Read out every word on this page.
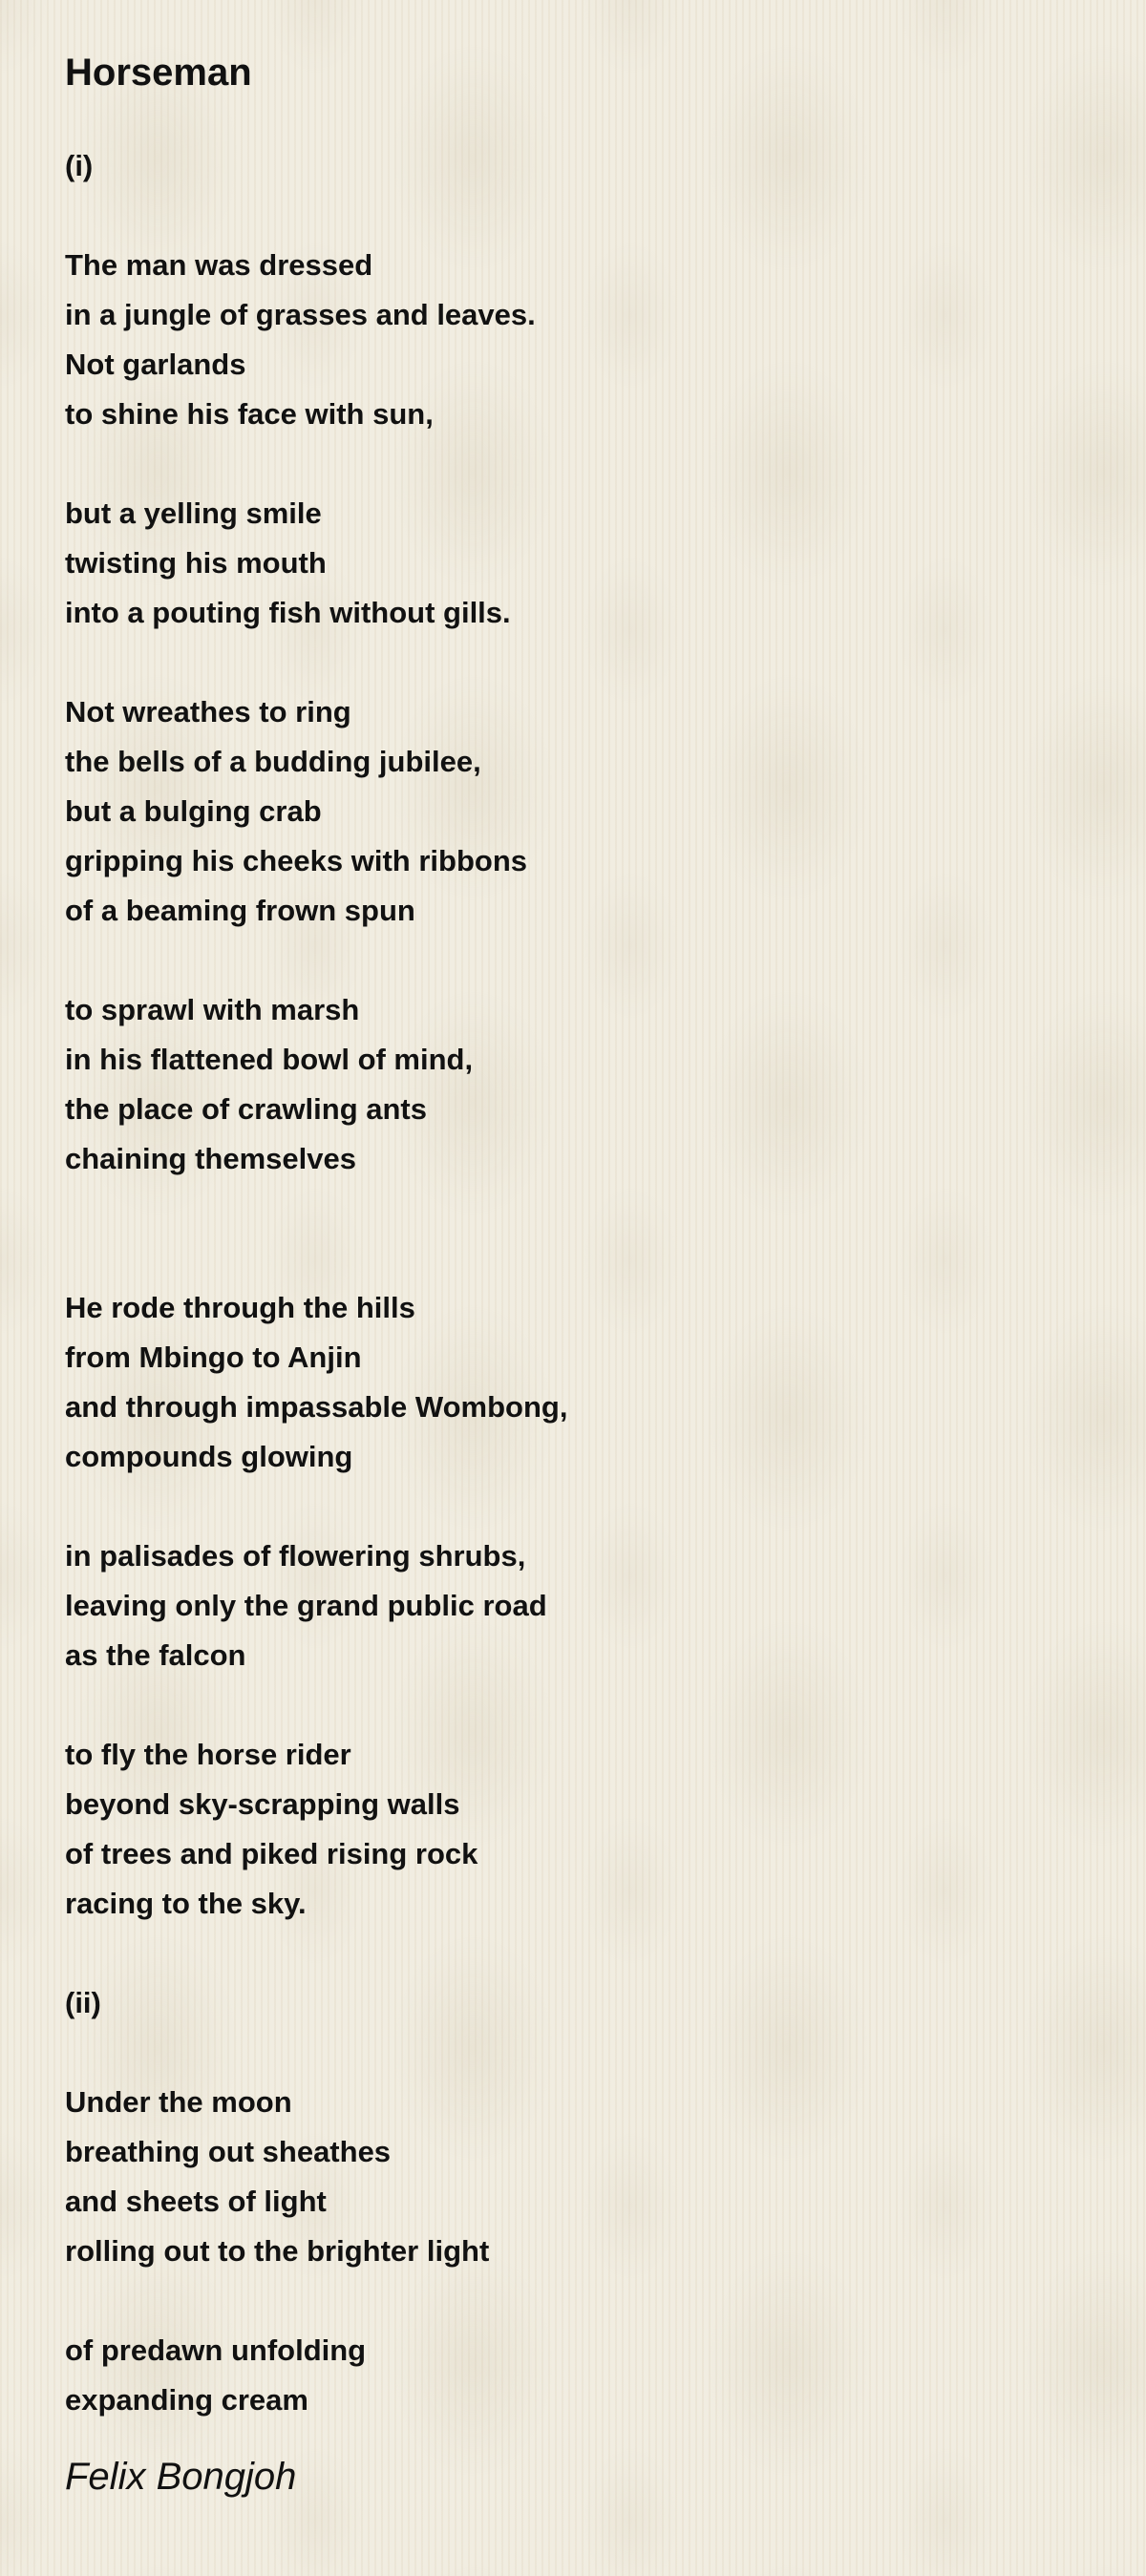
Horseman
(i)
The man was dressed
in a jungle of grasses and leaves.
Not garlands
to shine his face with sun,
but a yelling smile
twisting his mouth
into a pouting fish without gills.
Not wreathes to ring
the bells of a budding jubilee,
but a bulging crab
gripping his cheeks with ribbons
of a beaming frown spun
to sprawl with marsh
in his flattened bowl of mind,
the place of crawling ants
chaining themselves
He rode through the hills
from Mbingo to Anjin
and through impassable Wombong,
compounds glowing
in palisades of flowering shrubs,
leaving only the grand public road
as the falcon
to fly the horse rider
beyond sky-scrapping walls
of trees and piked rising rock
racing to the sky.
(ii)
Under the moon
breathing out sheathes
and sheets of light
rolling out to the brighter light
of predawn unfolding
expanding cream
Felix Bongjoh
